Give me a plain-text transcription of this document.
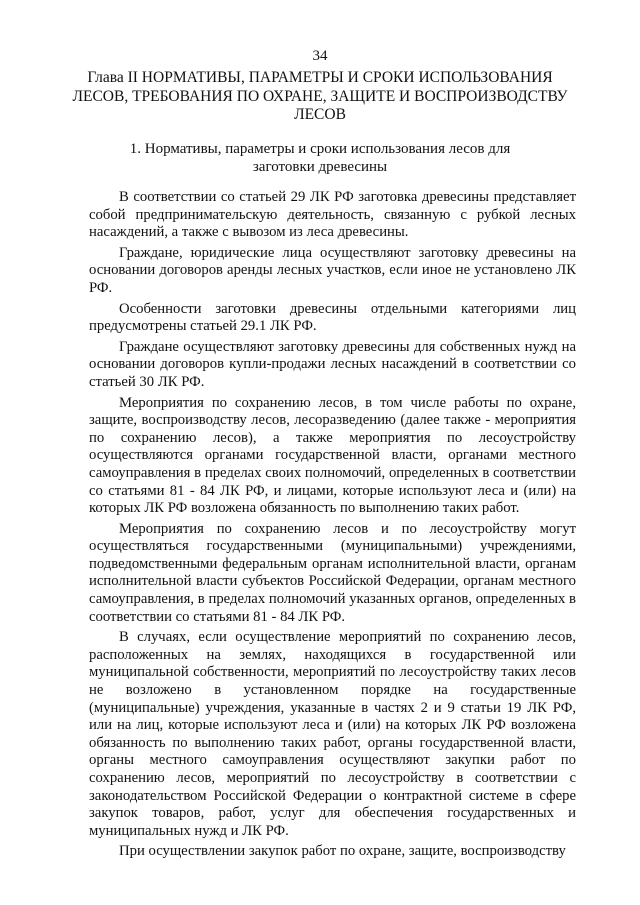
34
Глава II НОРМАТИВЫ, ПАРАМЕТРЫ И СРОКИ ИСПОЛЬЗОВАНИЯ ЛЕСОВ, ТРЕБОВАНИЯ ПО ОХРАНЕ, ЗАЩИТЕ И ВОСПРОИЗВОДСТВУ ЛЕСОВ
1. Нормативы, параметры и сроки использования лесов для заготовки древесины

В соответствии со статьей 29 ЛК РФ заготовка древесины представляет собой предпринимательскую деятельность, связанную с рубкой лесных насаждений, а также с вывозом из леса древесины.

Граждане, юридические лица осуществляют заготовку древесины на основании договоров аренды лесных участков, если иное не установлено ЛК РФ.

Особенности заготовки древесины отдельными категориями лиц предусмотрены статьей 29.1 ЛК РФ.

Граждане осуществляют заготовку древесины для собственных нужд на основании договоров купли-продажи лесных насаждений в соответствии со статьей 30 ЛК РФ.

Мероприятия по сохранению лесов, в том числе работы по охране, защите, воспроизводству лесов, лесоразведению (далее также - мероприятия по сохранению лесов), а также мероприятия по лесоустройству осуществляются органами государственной власти, органами местного самоуправления в пределах своих полномочий, определенных в соответствии со статьями 81 - 84 ЛК РФ, и лицами, которые используют леса и (или) на которых ЛК РФ возложена обязанность по выполнению таких работ.

Мероприятия по сохранению лесов и по лесоустройству могут осуществляться государственными (муниципальными) учреждениями, подведомственными федеральным органам исполнительной власти, органам исполнительной власти субъектов Российской Федерации, органам местного самоуправления, в пределах полномочий указанных органов, определенных в соответствии со статьями 81 - 84 ЛК РФ.

В случаях, если осуществление мероприятий по сохранению лесов, расположенных на землях, находящихся в государственной или муниципальной собственности, мероприятий по лесоустройству таких лесов не возложено в установленном порядке на государственные (муниципальные) учреждения, указанные в частях 2 и 9 статьи 19 ЛК РФ, или на лиц, которые используют леса и (или) на которых ЛК РФ возложена обязанность по выполнению таких работ, органы государственной власти, органы местного самоуправления осуществляют закупки работ по сохранению лесов, мероприятий по лесоустройству в соответствии с законодательством Российской Федерации о контрактной системе в сфере закупок товаров, работ, услуг для обеспечения государственных и муниципальных нужд и ЛК РФ.

При осуществлении закупок работ по охране, защите, воспроизводству
